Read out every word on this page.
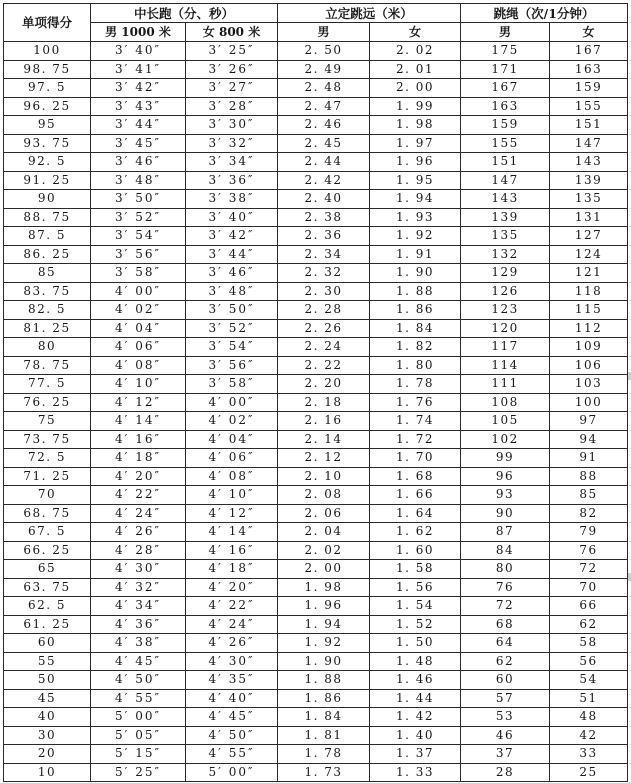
单项得分	中长跑（分、秒）		立定跳远（米）		跳绳（次/1分钟）	
	男 1000 米	女 800 米	男	女	男	女
100	3′ 40″	3′ 25″	2. 50	2. 02	175	167
98. 75	3′ 41″	3′ 26″	2. 49	2. 01	171	163
97. 5	3′ 42″	3′ 27″	2. 48	2. 00	167	159
96. 25	3′ 43″	3′ 28″	2. 47	1. 99	163	155
95	3′ 44″	3′ 30″	2. 46	1. 98	159	151
93. 75	3′ 45″	3′ 32″	2. 45	1. 97	155	147
92. 5	3′ 46″	3′ 34″	2. 44	1. 96	151	143
91. 25	3′ 48″	3′ 36″	2. 42	1. 95	147	139
90	3′ 50″	3′ 38″	2. 40	1. 94	143	135
88. 75	3′ 52″	3′ 40″	2. 38	1. 93	139	131
87. 5	3′ 54″	3′ 42″	2. 36	1. 92	135	127
86. 25	3′ 56″	3′ 44″	2. 34	1. 91	132	124
85	3′ 58″	3′ 46″	2. 32	1. 90	129	121
83. 75	4′ 00″	3′ 48″	2. 30	1. 88	126	118
82. 5	4′ 02″	3′ 50″	2. 28	1. 86	123	115
81. 25	4′ 04″	3′ 52″	2. 26	1. 84	120	112
80	4′ 06″	3′ 54″	2. 24	1. 82	117	109
78. 75	4′ 08″	3′ 56″	2. 22	1. 80	114	106
77. 5	4′ 10″	3′ 58″	2. 20	1. 78	111	103
76. 25	4′ 12″	4′ 00″	2. 18	1. 76	108	100
75	4′ 14″	4′ 02″	2. 16	1. 74	105	97
73. 75	4′ 16″	4′ 04″	2. 14	1. 72	102	94
72. 5	4′ 18″	4′ 06″	2. 12	1. 70	99	91
71. 25	4′ 20″	4′ 08″	2. 10	1. 68	96	88
70	4′ 22″	4′ 10″	2. 08	1. 66	93	85
68. 75	4′ 24″	4′ 12″	2. 06	1. 64	90	82
67. 5	4′ 26″	4′ 14″	2. 04	1. 62	87	79
66. 25	4′ 28″	4′ 16″	2. 02	1. 60	84	76
65	4′ 30″	4′ 18″	2. 00	1. 58	80	72
63. 75	4′ 32″	4′ 20″	1. 98	1. 56	76	70
62. 5	4′ 34″	4′ 22″	1. 96	1. 54	72	66
61. 25	4′ 36″	4′ 24″	1. 94	1. 52	68	62
60	4′ 38″	4′ 26″	1. 92	1. 50	64	58
55	4′ 45″	4′ 30″	1. 90	1. 48	62	56
50	4′ 50″	4′ 35″	1. 88	1. 46	60	54
45	4′ 55″	4′ 40″	1. 86	1. 44	57	51
40	5′ 00″	4′ 45″	1. 84	1. 42	53	48
30	5′ 05″	4′ 50″	1. 81	1. 40	46	42
20	5′ 15″	4′ 55″	1. 78	1. 37	37	33
10	5′ 25″	5′ 00″	1. 73	1. 33	28	25
